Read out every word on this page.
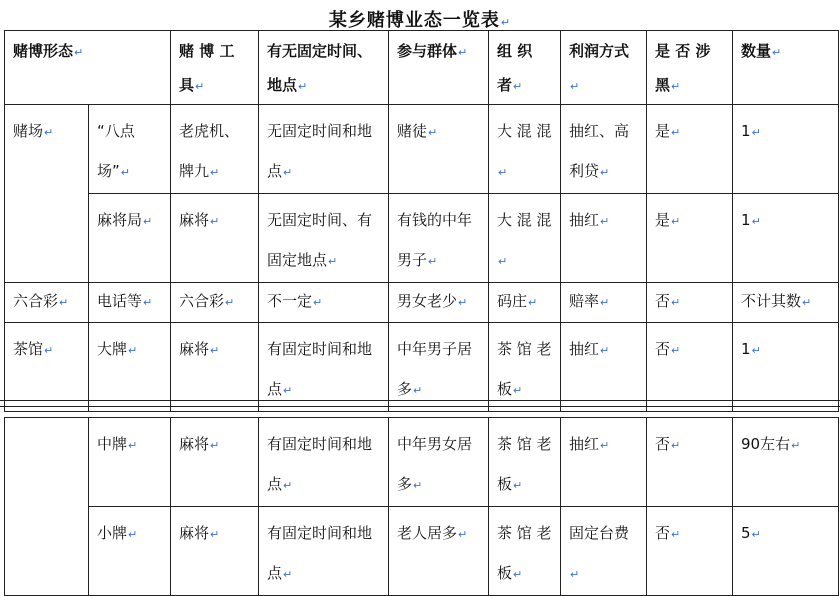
某乡赌博业态一览表↵
赌博形态↵		赌 博 工 具↵	有无固定时间、地点↵	参与群体↵	组 织 者↵	利润方式↵	是 否 涉 黑↵	数量↵
赌场↵	“八点场”↵	老虎机、牌九↵	无固定时间和地点↵	赌徒↵	大 混 混↵	抽红、高利贷↵	是↵	1↵
	麻将局↵	麻将↵	无固定时间、有固定地点↵	有钱的中年男子↵	大 混 混↵	抽红↵	是↵	1↵
六合彩↵	电话等↵	六合彩↵	不一定↵	男女老少↵	码庄↵	赔率↵	否↵	不计其数↵
茶馆↵	大牌↵	麻将↵	有固定时间和地点↵	中年男子居多↵	茶 馆 老板↵	抽红↵	否↵	1↵
	中牌↵	麻将↵	有固定时间和地点↵	中年男女居多↵	茶 馆 老板↵	抽红↵	否↵	90左右↵
	小牌↵	麻将↵	有固定时间和地点↵	老人居多↵	茶 馆 老板↵	固定台费↵	否↵	5↵
